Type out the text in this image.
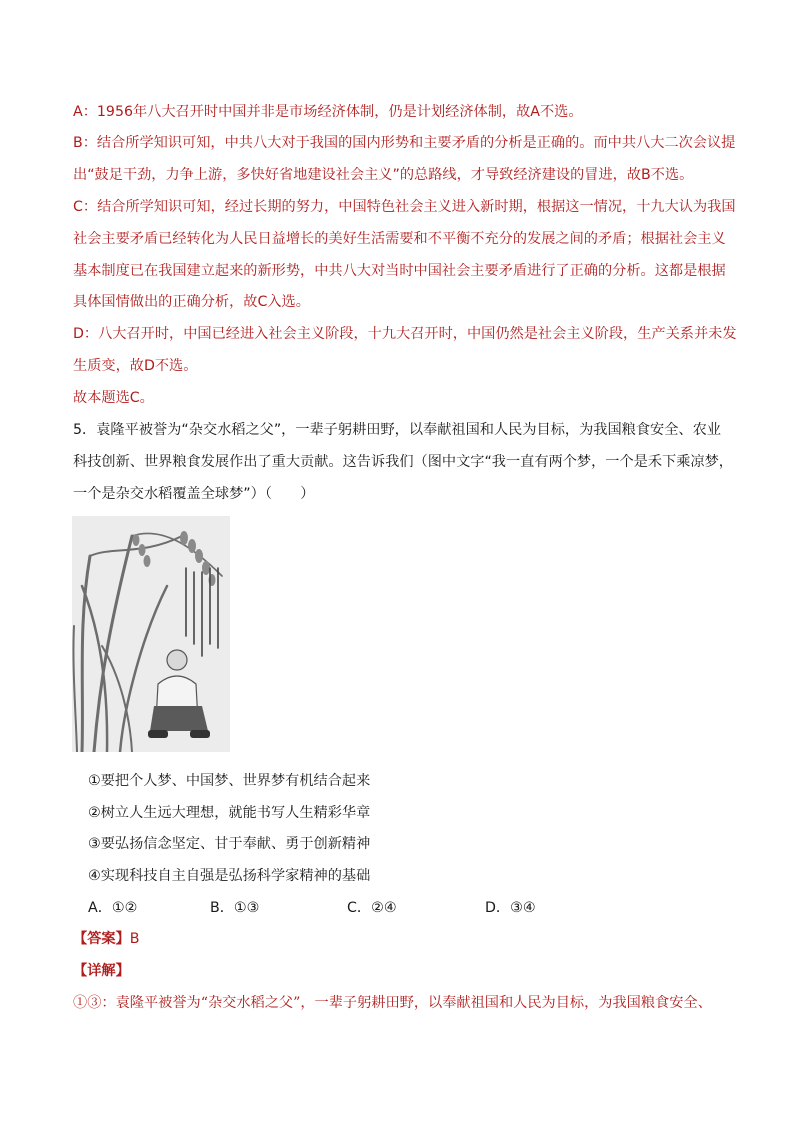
A：1956年八大召开时中国并非是市场经济体制，仍是计划经济体制，故A不选。
B：结合所学知识可知，中共八大对于我国的国内形势和主要矛盾的分析是正确的。而中共八大二次会议提
出“鼓足干劲，力争上游，多快好省地建设社会主义”的总路线，才导致经济建设的冒进，故B不选。
C：结合所学知识可知，经过长期的努力，中国特色社会主义进入新时期，根据这一情况，十九大认为我国
社会主要矛盾已经转化为人民日益增长的美好生活需要和不平衡不充分的发展之间的矛盾；根据社会主义
基本制度已在我国建立起来的新形势，中共八大对当时中国社会主要矛盾进行了正确的分析。这都是根据
具体国情做出的正确分析，故C入选。
D：八大召开时，中国已经进入社会主义阶段，十九大召开时，中国仍然是社会主义阶段，生产关系并未发
生质变，故D不选。
故本题选C。
5．袁隆平被誉为“杂交水稻之父”，一辈子躬耕田野，以奉献祖国和人民为目标，为我国粮食安全、农业
科技创新、世界粮食发展作出了重大贡献。这告诉我们（图中文字“我一直有两个梦，一个是禾下乘凉梦，
一个是杂交水稻覆盖全球梦”）（　　）
①要把个人梦、中国梦、世界梦有机结合起来
②树立人生远大理想，就能书写人生精彩华章
③要弘扬信念坚定、甘于奉献、勇于创新精神
④实现科技自主自强是弘扬科学家精神的基础
A．①②	B．①③	C．②④	D．③④
【答案】B
【详解】
①③：袁隆平被誉为“杂交水稻之父”，一辈子躬耕田野，以奉献祖国和人民为目标，为我国粮食安全、
